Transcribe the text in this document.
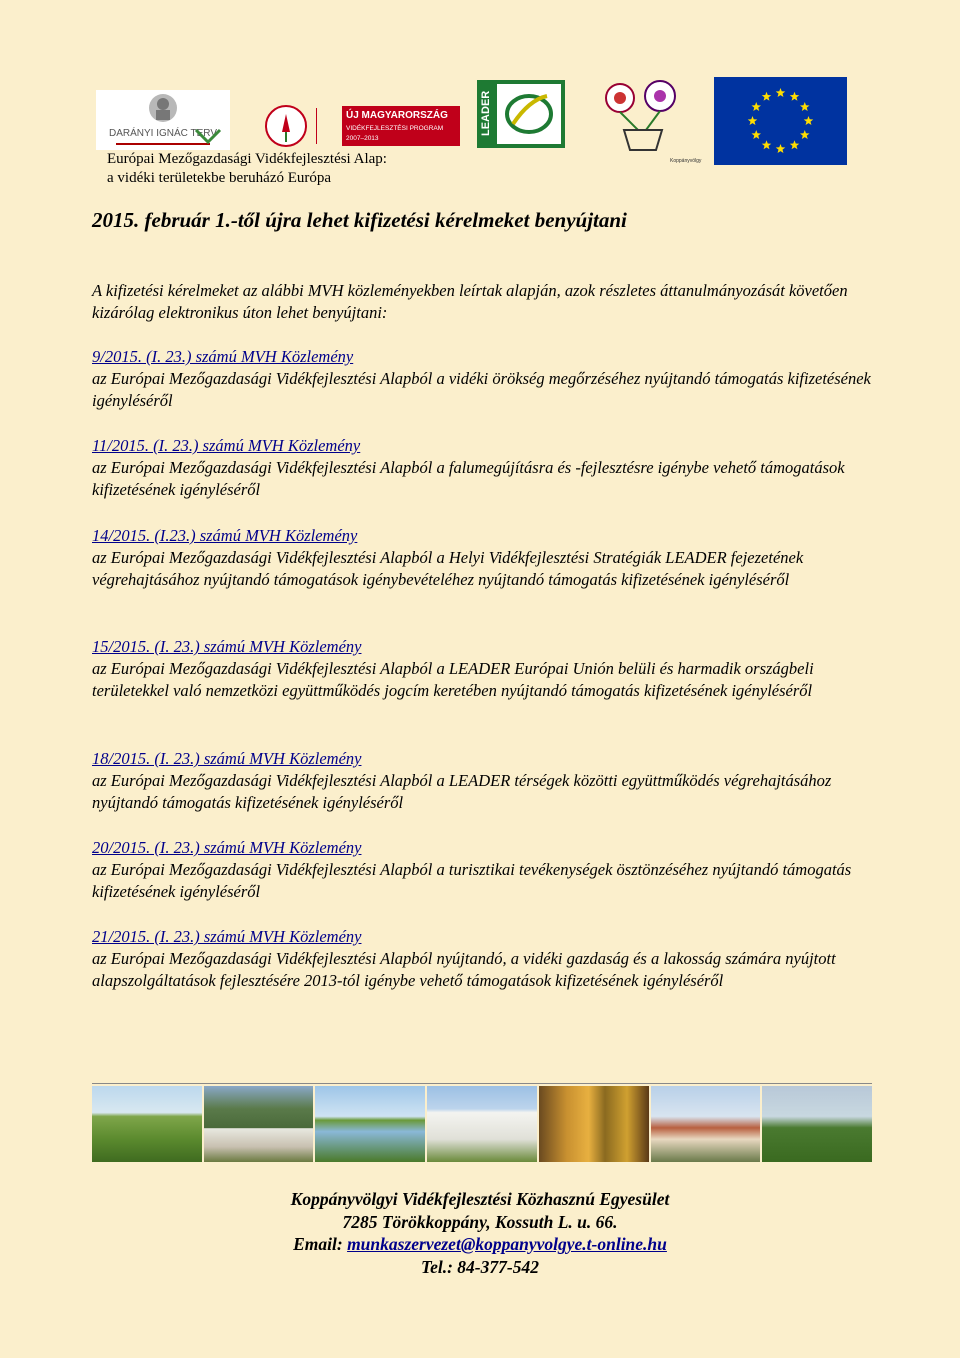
DARÁNYI IGNÁC TERV
ÚJ MAGYARORSZÁG
VIDÉKFEJLESZTÉSI PROGRAM
2007–2013
LEADER
Koppányvölgy
Európai Mezőgazdasági Vidékfejlesztési Alap:
a vidéki területekbe beruházó Európa
2015. február 1.-től újra lehet kifizetési kérelmeket benyújtani
A kifizetési kérelmeket az alábbi MVH közleményekben leírtak alapján, azok részletes áttanulmányozását követően kizárólag elektronikus úton lehet benyújtani:
9/2015. (I. 23.) számú MVH Közlemény
az Európai Mezőgazdasági Vidékfejlesztési Alapból a vidéki örökség megőrzéséhez nyújtandó támogatás kifizetésének igényléséről
11/2015. (I. 23.) számú MVH Közlemény
az Európai Mezőgazdasági Vidékfejlesztési Alapból a falumegújításra és -fejlesztésre igénybe vehető támogatások kifizetésének igényléséről
14/2015. (I.23.) számú MVH Közlemény
az Európai Mezőgazdasági Vidékfejlesztési Alapból a Helyi Vidékfejlesztési Stratégiák LEADER fejezetének végrehajtásához nyújtandó támogatások igénybevételéhez nyújtandó támogatás kifizetésének igényléséről
15/2015. (I. 23.) számú MVH Közlemény
az Európai Mezőgazdasági Vidékfejlesztési Alapból a LEADER Európai Unión belüli és harmadik országbeli területekkel való nemzetközi együttműködés jogcím keretében nyújtandó támogatás kifizetésének igényléséről
18/2015. (I. 23.) számú MVH Közlemény
az Európai Mezőgazdasági Vidékfejlesztési Alapból a LEADER térségek közötti együttműködés végrehajtásához nyújtandó támogatás kifizetésének igényléséről
20/2015. (I. 23.) számú MVH Közlemény
az Európai Mezőgazdasági Vidékfejlesztési Alapból a turisztikai tevékenységek ösztönzéséhez nyújtandó támogatás kifizetésének igényléséről
21/2015. (I. 23.) számú MVH Közlemény
az Európai Mezőgazdasági Vidékfejlesztési Alapból nyújtandó, a vidéki gazdaság és a lakosság számára nyújtott alapszolgáltatások fejlesztésére 2013-tól igénybe vehető támogatások kifizetésének igényléséről
Koppányvölgyi Vidékfejlesztési Közhasznú Egyesület
7285 Törökkoppány, Kossuth L. u. 66.
Email: munkaszervezet@koppanyvolgye.t-online.hu
Tel.: 84-377-542
